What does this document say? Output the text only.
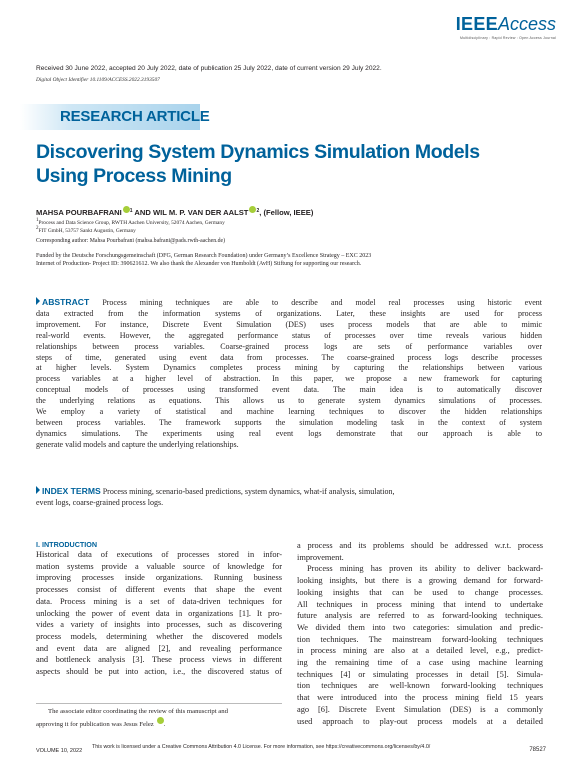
IEEEAccess
Multidisciplinary : Rapid Review : Open Access Journal
Received 30 June 2022, accepted 20 July 2022, date of publication 25 July 2022, date of current version 29 July 2022.
Digital Object Identifier 10.1109/ACCESS.2022.3193507
RESEARCH ARTICLE
Discovering System Dynamics Simulation Models
Using Process Mining
MAHSA POURBAFRANI $^1$ AND WIL M. P. VAN DER AALST $^2$, (Fellow, IEEE)
1Process and Data Science Group, RWTH Aachen University, 52074 Aachen, Germany
2FIT GmbH, 53757 Sankt Augustin, Germany
Corresponding author: Mahsa Pourbafrani (mahsa.bafrani@pads.rwth-aachen.de)
Funded by the Deutsche Forschungsgemeinschaft (DFG, German Research Foundation) under Germany’s Excellence Strategy – EXC 2023
Internet of Production- Project ID: 390621612. We also thank the Alexander von Humboldt (AvH) Stiftung for supporting our research.
ABSTRACT Process mining techniques are able to describe and model real processes using historic event
data extracted from the information systems of organizations. Later, these insights are used for process
improvement. For instance, Discrete Event Simulation (DES) uses process models that are able to mimic
real-world events. However, the aggregated performance status of processes over time reveals various hidden
relationships between process variables. Coarse-grained process logs are sets of performance variables over
steps of time, generated using event data from processes. The coarse-grained process logs describe processes
at higher levels. System Dynamics completes process mining by capturing the relationships between various
process variables at a higher level of abstraction. In this paper, we propose a new framework for capturing
conceptual models of processes using transformed event data. The main idea is to automatically discover
the underlying relations as equations. This allows us to generate system dynamics simulations of processes.
We employ a variety of statistical and machine learning techniques to discover the hidden relationships
between process variables. The framework supports the simulation modeling task in the context of system
dynamics simulations. The experiments using real event logs demonstrate that our approach is able to
generate valid models and capture the underlying relationships.
INDEX TERMS Process mining, scenario-based predictions, system dynamics, what-if analysis, simulation,
event logs, coarse-grained process logs.
I. INTRODUCTION
Historical data of executions of processes stored in infor-
mation systems provide a valuable source of knowledge for
improving processes inside organizations. Running business
processes consist of different events that shape the event
data. Process mining is a set of data-driven techniques for
unlocking the power of event data in organizations [1]. It pro-
vides a variety of insights into processes, such as discovering
process models, determining whether the discovered models
and event data are aligned [2], and revealing performance
and bottleneck analysis [3]. These process views in different
aspects should be put into action, i.e., the discovered status of
a process and its problems should be addressed w.r.t. process
improvement.
Process mining has proven its ability to deliver backward-
looking insights, but there is a growing demand for forward-
looking insights that can be used to change processes.
All techniques in process mining that intend to undertake
future analysis are referred to as forward-looking techniques.
We divided them into two categories: simulation and predic-
tion techniques. The mainstream forward-looking techniques
in process mining are also at a detailed level, e.g., predict-
ing the remaining time of a case using machine learning
techniques [4] or simulating processes in detail [5]. Simula-
tion techniques are well-known forward-looking techniques
that were introduced into the process mining field 15 years
ago [6]. Discrete Event Simulation (DES) is a commonly
used approach to play-out process models at a detailed
The associate editor coordinating the review of this manuscript and
approving it for publication was Jesus Felez .
VOLUME 10, 2022
This work is licensed under a Creative Commons Attribution 4.0 License. For more information, see https://creativecommons.org/licenses/by/4.0/	78527
